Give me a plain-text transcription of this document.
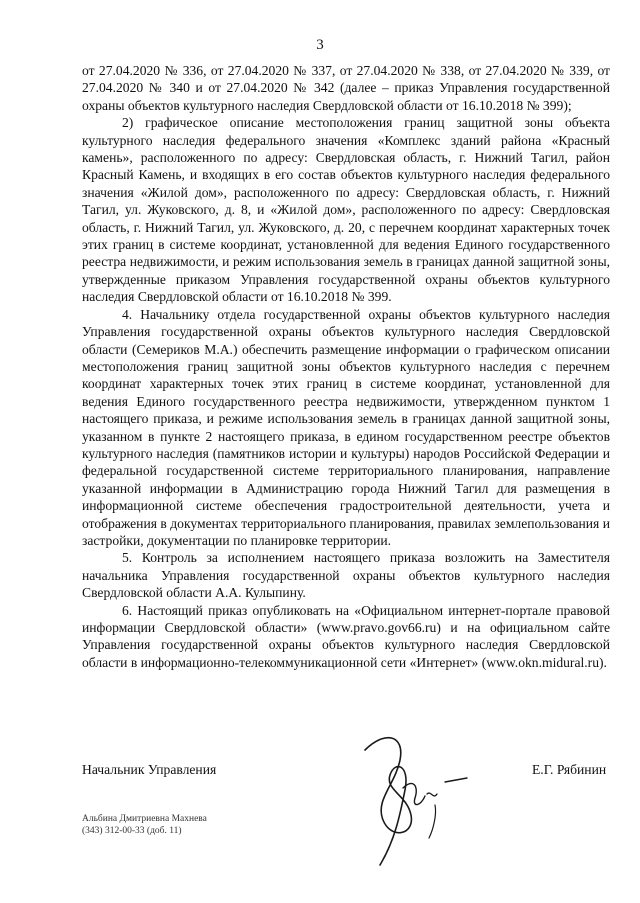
3

от 27.04.2020 № 336, от 27.04.2020 № 337, от 27.04.2020 № 338, от 27.04.2020 № 339, от 27.04.2020 № 340 и от 27.04.2020 № 342 (далее – приказ Управления государственной охраны объектов культурного наследия Свердловской области от 16.10.2018 № 399);

2) графическое описание местоположения границ защитной зоны объекта культурного наследия федерального значения «Комплекс зданий района «Красный камень», расположенного по адресу: Свердловская область, г. Нижний Тагил, район Красный Камень, и входящих в его состав объектов культурного наследия федерального значения «Жилой дом», расположенного по адресу: Свердловская область, г. Нижний Тагил, ул. Жуковского, д. 8, и «Жилой дом», расположенного по адресу: Свердловская область, г. Нижний Тагил, ул. Жуковского, д. 20, с перечнем координат характерных точек этих границ в системе координат, установленной для ведения Единого государственного реестра недвижимости, и режим использования земель в границах данной защитной зоны, утвержденные приказом Управления государственной охраны объектов культурного наследия Свердловской области от 16.10.2018 № 399.

4. Начальнику отдела государственной охраны объектов культурного наследия Управления государственной охраны объектов культурного наследия Свердловской области (Семериков М.А.) обеспечить размещение информации о графическом описании местоположения границ защитной зоны объектов культурного наследия с перечнем координат характерных точек этих границ в системе координат, установленной для ведения Единого государственного реестра недвижимости, утвержденном пунктом 1 настоящего приказа, и режиме использования земель в границах данной защитной зоны, указанном в пункте 2 настоящего приказа, в едином государственном реестре объектов культурного наследия (памятников истории и культуры) народов Российской Федерации и федеральной государственной системе территориального планирования, направление указанной информации в Администрацию города Нижний Тагил для размещения в информационной системе обеспечения градостроительной деятельности, учета и отображения в документах территориального планирования, правилах землепользования и застройки, документации по планировке территории.

5. Контроль за исполнением настоящего приказа возложить на Заместителя начальника Управления государственной охраны объектов культурного наследия Свердловской области А.А. Кулыпину.

6. Настоящий приказ опубликовать на «Официальном интернет-портале правовой информации Свердловской области» (www.pravo.gov66.ru) и на официальном сайте Управления государственной охраны объектов культурного наследия Свердловской области в информационно-телекоммуникационной сети «Интернет» (www.okn.midural.ru).

Начальник Управления	Е.Г. Рябинин
Альбина Дмитриевна Махнева
(343) 312-00-33 (доб. 11)
